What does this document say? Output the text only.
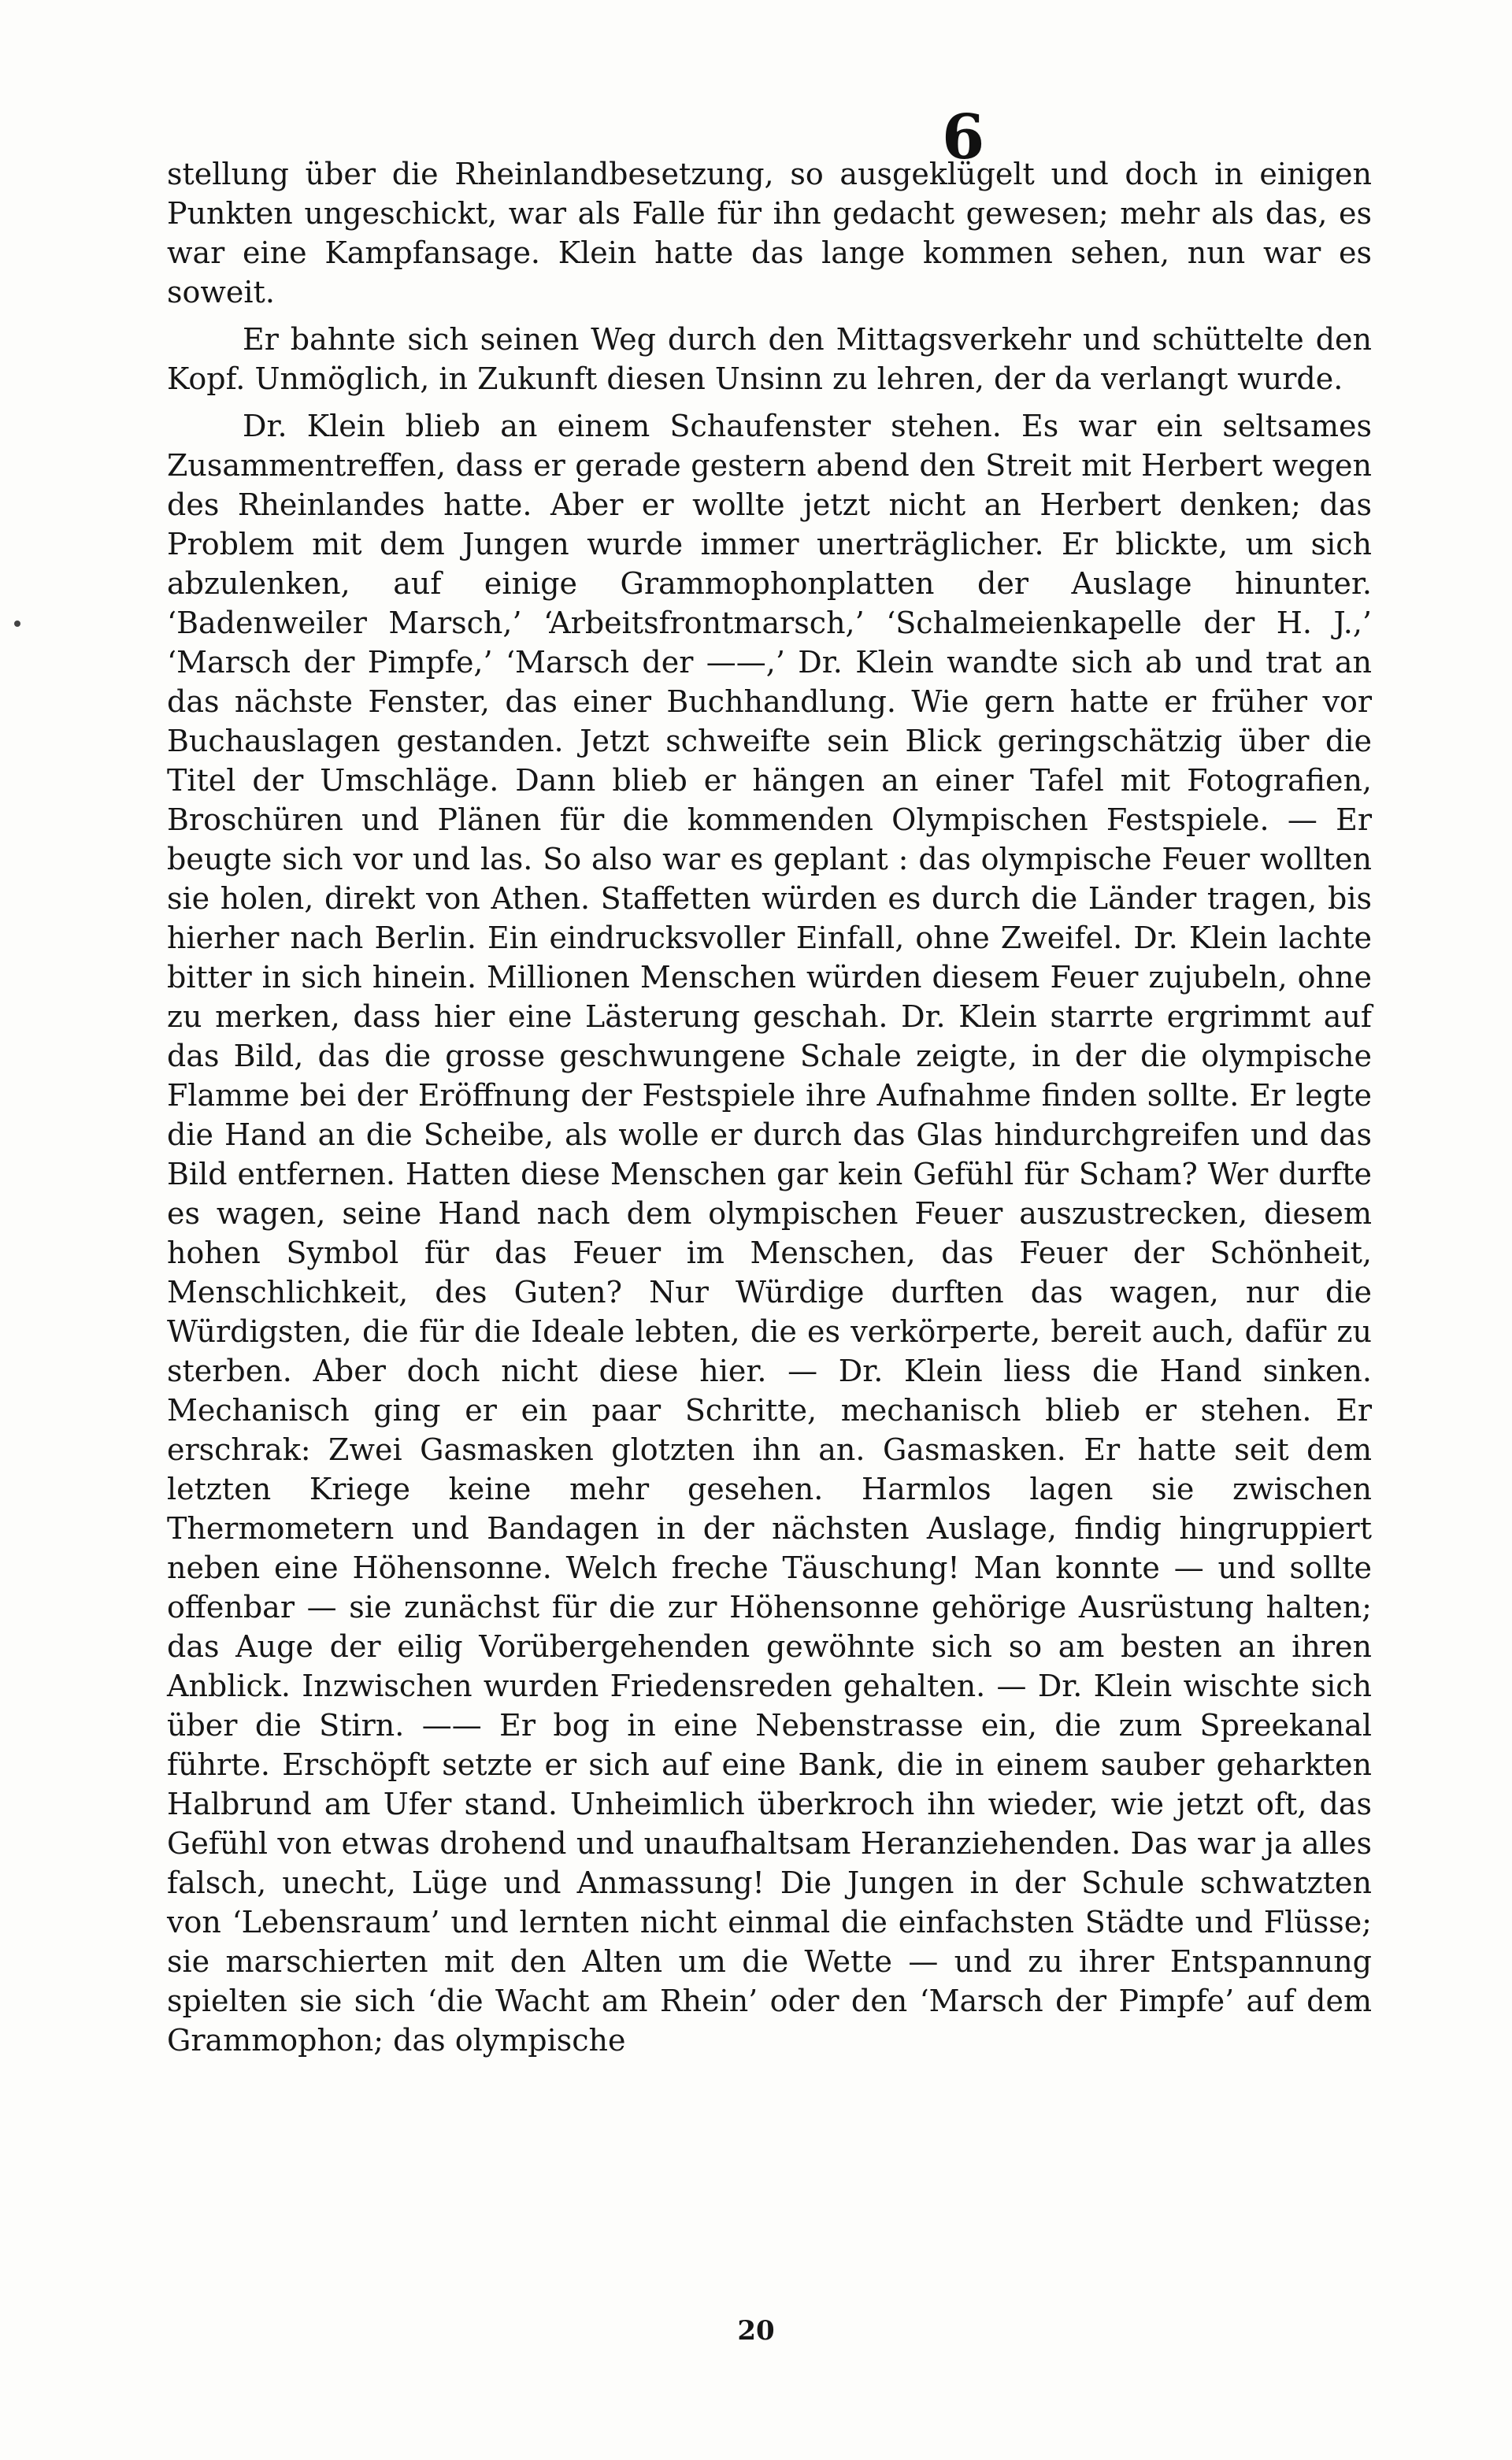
6

stellung über die Rheinlandbesetzung, so ausgeklügelt und doch in einigen Punkten ungeschickt, war als Falle für ihn gedacht gewesen; mehr als das, es war eine Kampfansage. Klein hatte das lange kommen sehen, nun war es soweit.

Er bahnte sich seinen Weg durch den Mittagsverkehr und schüttelte den Kopf. Unmöglich, in Zukunft diesen Unsinn zu lehren, der da verlangt wurde.

Dr. Klein blieb an einem Schaufenster stehen. Es war ein seltsames Zusammentreffen, dass er gerade gestern abend den Streit mit Herbert wegen des Rheinlandes hatte. Aber er wollte jetzt nicht an Herbert denken; das Problem mit dem Jungen wurde immer unerträglicher. Er blickte, um sich abzulenken, auf einige Grammophonplatten der Auslage hinunter. ‘Badenweiler Marsch,’ ‘Arbeitsfrontmarsch,’ ‘Schalmeienkapelle der H. J.,’ ‘Marsch der Pimpfe,’ ‘Marsch der ——,’ Dr. Klein wandte sich ab und trat an das nächste Fenster, das einer Buchhandlung. Wie gern hatte er früher vor Buchauslagen gestanden. Jetzt schweifte sein Blick geringschätzig über die Titel der Umschläge. Dann blieb er hängen an einer Tafel mit Fotografien, Broschüren und Plänen für die kommenden Olympischen Festspiele. — Er beugte sich vor und las. So also war es geplant : das olympische Feuer wollten sie holen, direkt von Athen. Staffetten würden es durch die Länder tragen, bis hierher nach Berlin. Ein eindrucksvoller Einfall, ohne Zweifel. Dr. Klein lachte bitter in sich hinein. Millionen Menschen würden diesem Feuer zujubeln, ohne zu merken, dass hier eine Lästerung geschah. Dr. Klein starrte ergrimmt auf das Bild, das die grosse geschwungene Schale zeigte, in der die olympische Flamme bei der Eröffnung der Festspiele ihre Aufnahme finden sollte. Er legte die Hand an die Scheibe, als wolle er durch das Glas hindurchgreifen und das Bild entfernen. Hatten diese Menschen gar kein Gefühl für Scham? Wer durfte es wagen, seine Hand nach dem olympischen Feuer auszustrecken, diesem hohen Symbol für das Feuer im Menschen, das Feuer der Schönheit, Menschlichkeit, des Guten? Nur Würdige durften das wagen, nur die Würdigsten, die für die Ideale lebten, die es verkörperte, bereit auch, dafür zu sterben. Aber doch nicht diese hier. — Dr. Klein liess die Hand sinken. Mechanisch ging er ein paar Schritte, mechanisch blieb er stehen. Er erschrak: Zwei Gasmasken glotzten ihn an. Gasmasken. Er hatte seit dem letzten Kriege keine mehr gesehen. Harmlos lagen sie zwischen Thermometern und Bandagen in der nächsten Auslage, findig hingruppiert neben eine Höhensonne. Welch freche Täuschung! Man konnte — und sollte offenbar — sie zunächst für die zur Höhensonne gehörige Ausrüstung halten; das Auge der eilig Vorübergehenden gewöhnte sich so am besten an ihren Anblick. Inzwischen wurden Friedensreden gehalten. — Dr. Klein wischte sich über die Stirn. —— Er bog in eine Nebenstrasse ein, die zum Spreekanal führte. Erschöpft setzte er sich auf eine Bank, die in einem sauber geharkten Halbrund am Ufer stand. Unheimlich überkroch ihn wieder, wie jetzt oft, das Gefühl von etwas drohend und unaufhaltsam Heranziehenden. Das war ja alles falsch, unecht, Lüge und Anmassung! Die Jungen in der Schule schwatzten von ‘Lebensraum’ und lernten nicht einmal die einfachsten Städte und Flüsse; sie marschierten mit den Alten um die Wette — und zu ihrer Entspannung spielten sie sich ‘die Wacht am Rhein’ oder den ‘Marsch der Pimpfe’ auf dem Grammophon; das olympische

20
